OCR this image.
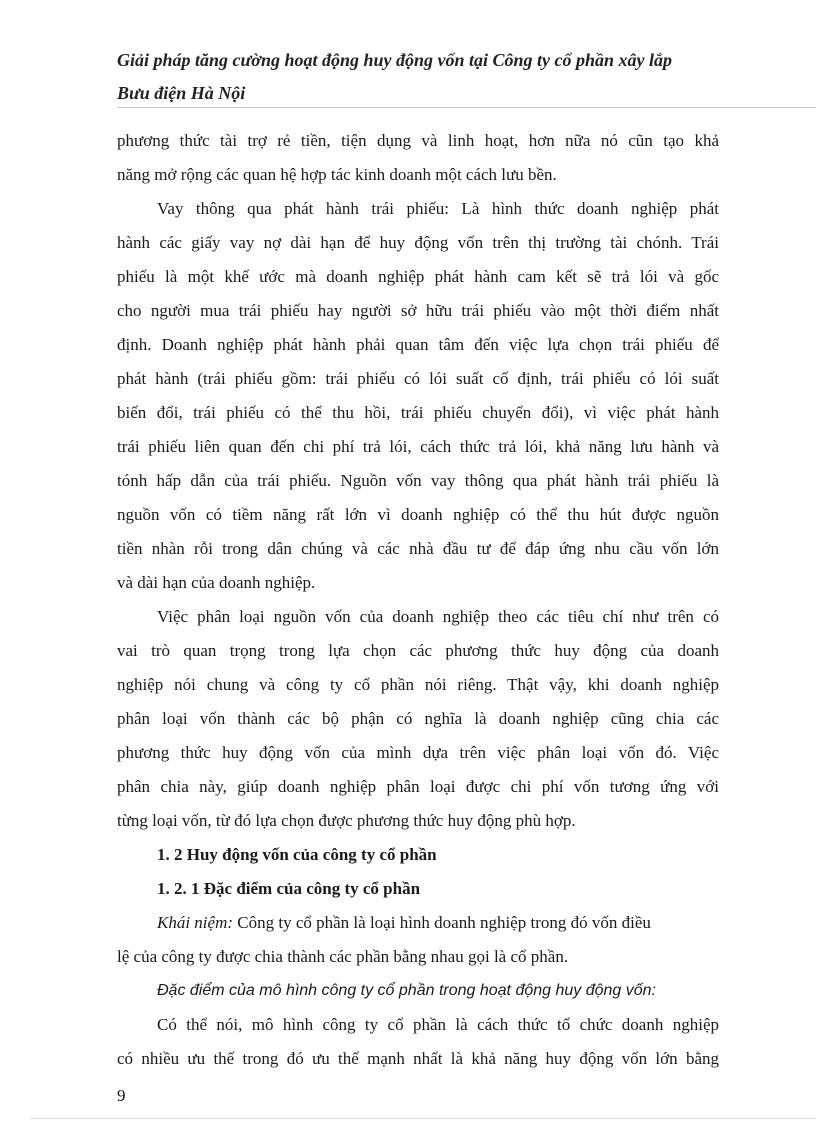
Giải pháp tăng cường hoạt động huy động vốn tại Công ty cổ phần xây lắp
Bưu điện Hà Nội
phương thức tài trợ rẻ tiền, tiện dụng và linh hoạt, hơn nữa nó cũn tạo khả
năng mở rộng các quan hệ hợp tác kinh doanh một cách lưu bền.
Vay thông qua phát hành trái phiếu: Là hình thức doanh nghiệp phát
hành các giấy vay nợ dài hạn để huy động vốn trên thị trường tài chónh. Trái
phiếu là một khế ước mà doanh nghiệp phát hành cam kết sẽ trả lói và gốc
cho người mua trái phiếu hay người sở hữu trái phiếu vào một thời điểm nhất
định. Doanh nghiệp phát hành phải quan tâm đến việc lựa chọn trái phiếu để
phát hành (trái phiếu gồm: trái phiếu có lói suất cố định, trái phiếu có lói suất
biến đổi, trái phiếu có thể thu hồi, trái phiếu chuyển đổi), vì việc phát hành
trái phiếu liên quan đến chi phí trả lói, cách thức trả lói, khả năng lưu hành và
tónh hấp dẫn của trái phiếu. Nguồn vốn vay thông qua phát hành trái phiếu là
nguồn vốn có tiềm năng rất lớn vì doanh nghiệp có thể thu hút được nguồn
tiền nhàn rỗi trong dân chúng và các nhà đầu tư để đáp ứng nhu cầu vốn lớn
và dài hạn của doanh nghiệp.
Việc phân loại nguồn vốn của doanh nghiệp theo các tiêu chí như trên có
vai trò quan trọng trong lựa chọn các phương thức huy động của doanh
nghiệp nói chung và công ty cổ phần nói riêng. Thật vậy, khi doanh nghiệp
phân loại vốn thành các bộ phận có nghĩa là doanh nghiệp cũng chia các
phương thức huy động vốn của mình dựa trên việc phân loại vốn đó. Việc
phân chia này, giúp doanh nghiệp phân loại được chi phí vốn tương ứng với
từng loại vốn, từ đó lựa chọn được phương thức huy động phù hợp.
1. 2 Huy động vốn của công ty cổ phần
1. 2. 1 Đặc điểm của công ty cổ phần
Khái niệm: Công ty cổ phần là loại hình doanh nghiệp trong đó vốn điều
lệ của công ty được chia thành các phần bằng nhau gọi là cổ phần.
Đặc điểm của mô hình công ty cổ phần trong hoạt động huy động vốn:
Có thể nói, mô hình công ty cổ phần là cách thức tổ chức doanh nghiệp
có nhiều ưu thế trong đó ưu thế mạnh nhất là khả năng huy động vốn lớn bằng
9
